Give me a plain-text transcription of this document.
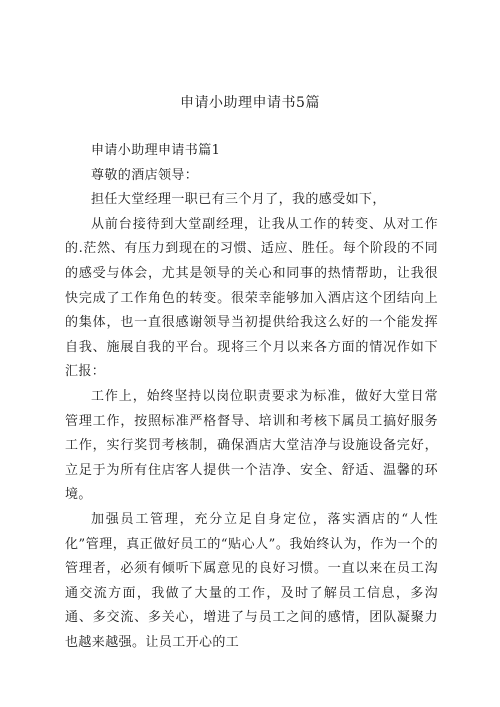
申请小助理申请书5篇

申请小助理申请书篇1

尊敬的酒店领导：

担任大堂经理一职已有三个月了，我的感受如下，

从前台接待到大堂副经理，让我从工作的转变、从对工作的.茫然、有压力到现在的习惯、适应、胜任。每个阶段的不同的感受与体会，尤其是领导的关心和同事的热情帮助，让我很快完成了工作角色的转变。很荣幸能够加入酒店这个团结向上的集体，也一直很感谢领导当初提供给我这么好的一个能发挥自我、施展自我的平台。现将三个月以来各方面的情况作如下汇报：

工作上，始终坚持以岗位职责要求为标准，做好大堂日常管理工作，按照标准严格督导、培训和考核下属员工搞好服务工作，实行奖罚考核制，确保酒店大堂洁净与设施设备完好，立足于为所有住店客人提供一个洁净、安全、舒适、温馨的环境。

加强员工管理，充分立足自身定位，落实酒店的“人性化”管理，真正做好员工的“贴心人”。我始终认为，作为一个的管理者，必须有倾听下属意见的良好习惯。一直以来在员工沟通交流方面，我做了大量的工作，及时了解员工信息，多沟通、多交流、多关心，增进了与员工之间的感情，团队凝聚力也越来越强。让员工开心的工
